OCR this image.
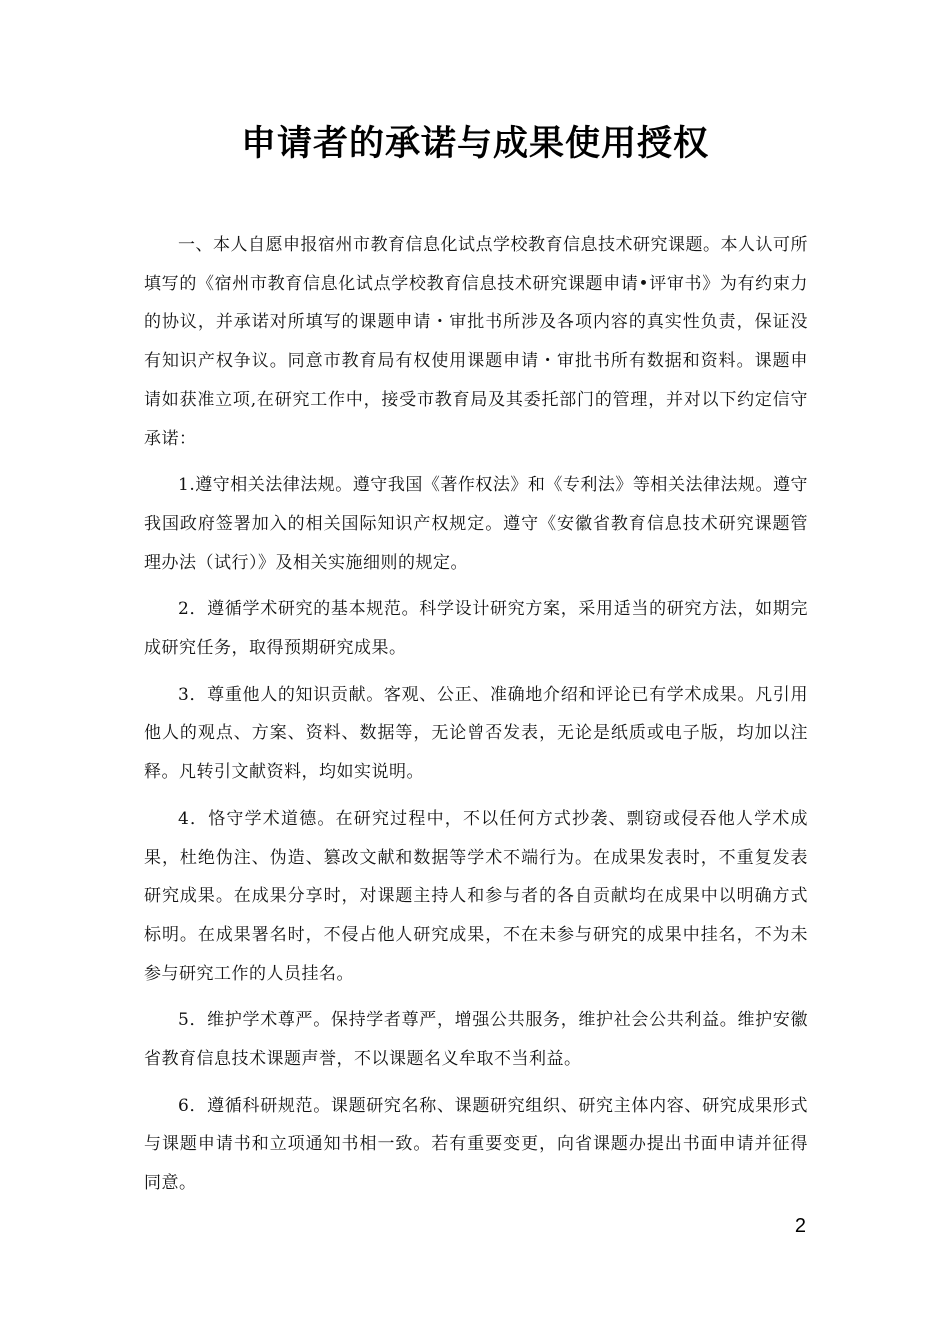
申请者的承诺与成果使用授权

一、本人自愿申报宿州市教育信息化试点学校教育信息技术研究课题。本人认可所填写的《宿州市教育信息化试点学校教育信息技术研究课题申请•评审书》为有约束力的协议，并承诺对所填写的课题申请・审批书所涉及各项内容的真实性负责，保证没有知识产权争议。同意市教育局有权使用课题申请・审批书所有数据和资料。课题申请如获准立项,在研究工作中，接受市教育局及其委托部门的管理，并对以下约定信守承诺：

1.遵守相关法律法规。遵守我国《著作权法》和《专利法》等相关法律法规。遵守我国政府签署加入的相关国际知识产权规定。遵守《安徽省教育信息技术研究课题管理办法（试行）》及相关实施细则的规定。

2．遵循学术研究的基本规范。科学设计研究方案，采用适当的研究方法，如期完成研究任务，取得预期研究成果。

3．尊重他人的知识贡献。客观、公正、准确地介绍和评论已有学术成果。凡引用他人的观点、方案、资料、数据等，无论曾否发表，无论是纸质或电子版，均加以注释。凡转引文献资料，均如实说明。

4．恪守学术道德。在研究过程中，不以任何方式抄袭、剽窃或侵吞他人学术成果，杜绝伪注、伪造、篡改文献和数据等学术不端行为。在成果发表时，不重复发表研究成果。在成果分享时，对课题主持人和参与者的各自贡献均在成果中以明确方式标明。在成果署名时，不侵占他人研究成果，不在未参与研究的成果中挂名，不为未参与研究工作的人员挂名。

5．维护学术尊严。保持学者尊严，增强公共服务，维护社会公共利益。维护安徽省教育信息技术课题声誉，不以课题名义牟取不当利益。

6．遵循科研规范。课题研究名称、课题研究组织、研究主体内容、研究成果形式与课题申请书和立项通知书相一致。若有重要变更，向省课题办提出书面申请并征得同意。

2
